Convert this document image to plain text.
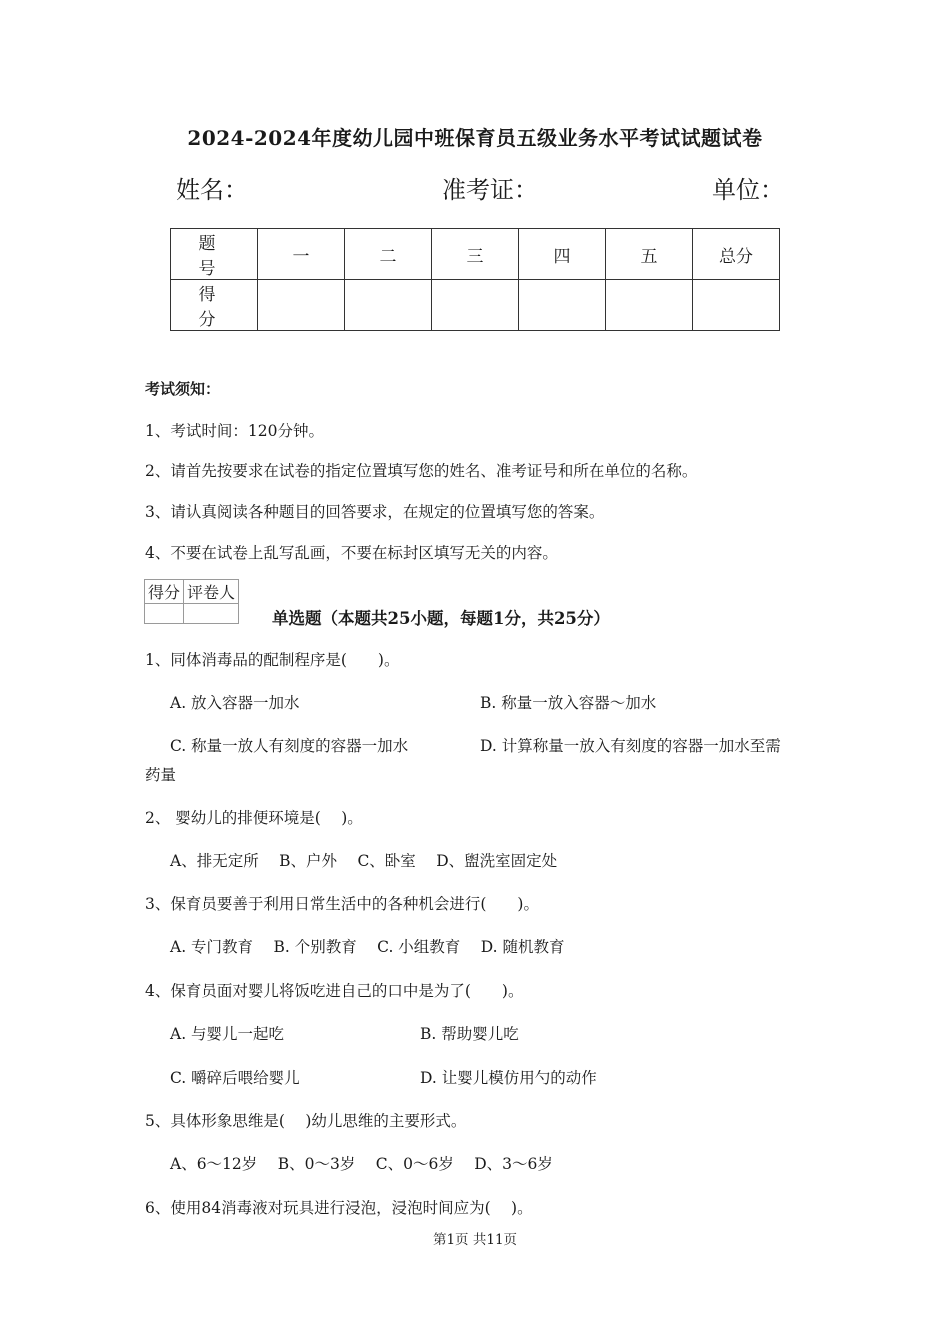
2024-2024年度幼儿园中班保育员五级业务水平考试试题试卷
姓名：	准考证：	单位：
题　号	一	二	三	四	五	总分
得　分						
考试须知：
1、考试时间：120分钟。
2、请首先按要求在试卷的指定位置填写您的姓名、准考证号和所在单位的名称。
3、请认真阅读各种题目的回答要求，在规定的位置填写您的答案。
4、不要在试卷上乱写乱画，不要在标封区填写无关的内容。
得分	评卷人

单选题（本题共25小题，每题1分，共25分）
1、同体消毒品的配制程序是(　　)。
A. 放入容器一加水	B. 称量一放入容器～加水
C. 称量一放人有刻度的容器一加水	D. 计算称量一放入有刻度的容器一加水至需
药量
2、 婴幼儿的排便环境是(　 )。
A、排无定所　 B、户外　 C、卧室　 D、盥洗室固定处
3、保育员要善于利用日常生活中的各种机会进行(　　)。
A. 专门教育　 B. 个别教育　 C. 小组教育　 D. 随机教育
4、保育员面对婴儿将饭吃进自己的口中是为了(　　)。
A. 与婴儿一起吃	B. 帮助婴儿吃
C. 嚼碎后喂给婴儿	D. 让婴儿模仿用勺的动作
5、具体形象思维是(　 )幼儿思维的主要形式。
A、6～12岁　 B、0～3岁　 C、0～6岁　 D、3～6岁
6、使用84消毒液对玩具进行浸泡，浸泡时间应为(　 )。
第1页 共11页
